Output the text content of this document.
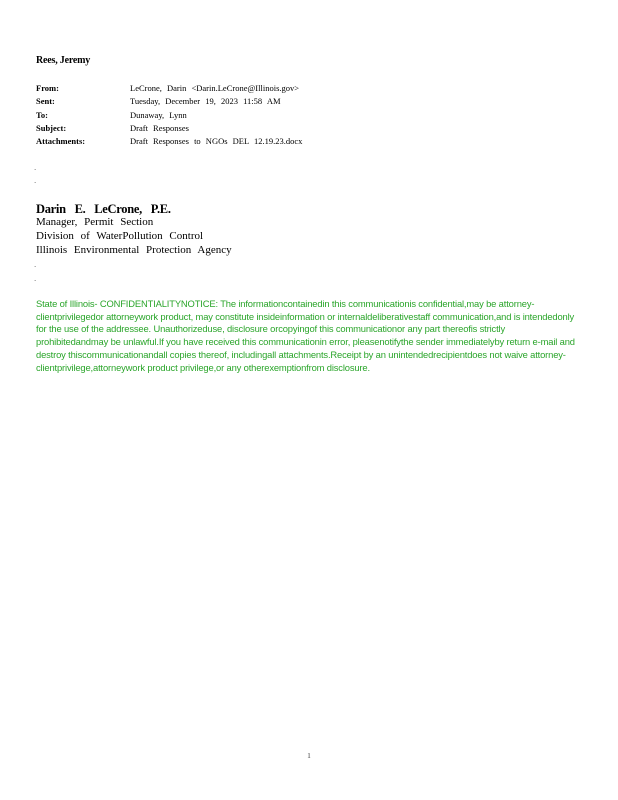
Rees, Jeremy
From:	LeCrone, Darin <Darin.LeCrone@Illinois.gov>
Sent:	Tuesday, December 19, 2023 11:58 AM
To:	Dunaway, Lynn
Subject:	Draft Responses
Attachments:	Draft Responses to NGOs DEL 12.19.23.docx
`
`
Darin E. LeCrone, P.E.
Manager, Permit Section
Division of WaterPollution Control
Illinois Environmental Protection Agency
`
`
State of Illinois- CONFIDENTIALITYNOTICE: The informationcontainedin this communicationis confidential,may be attorney-clientprivilegedor attorneywork product, may constitute insideinformation or internaldeliberativestaff communication,and is intendedonly for the use of the addressee. Unauthorizeduse, disclosure orcopyingof this communicationor any part thereofis strictly prohibitedandmay be unlawful.If you have received this communicationin error, pleasenotifythe sender immediatelyby return e-mail and destroy thiscommunicationandall copies thereof, includingall attachments.Receipt by an unintendedrecipientdoes not waive attorney-clientprivilege,attorneywork product privilege,or any otherexemptionfrom disclosure.
1
